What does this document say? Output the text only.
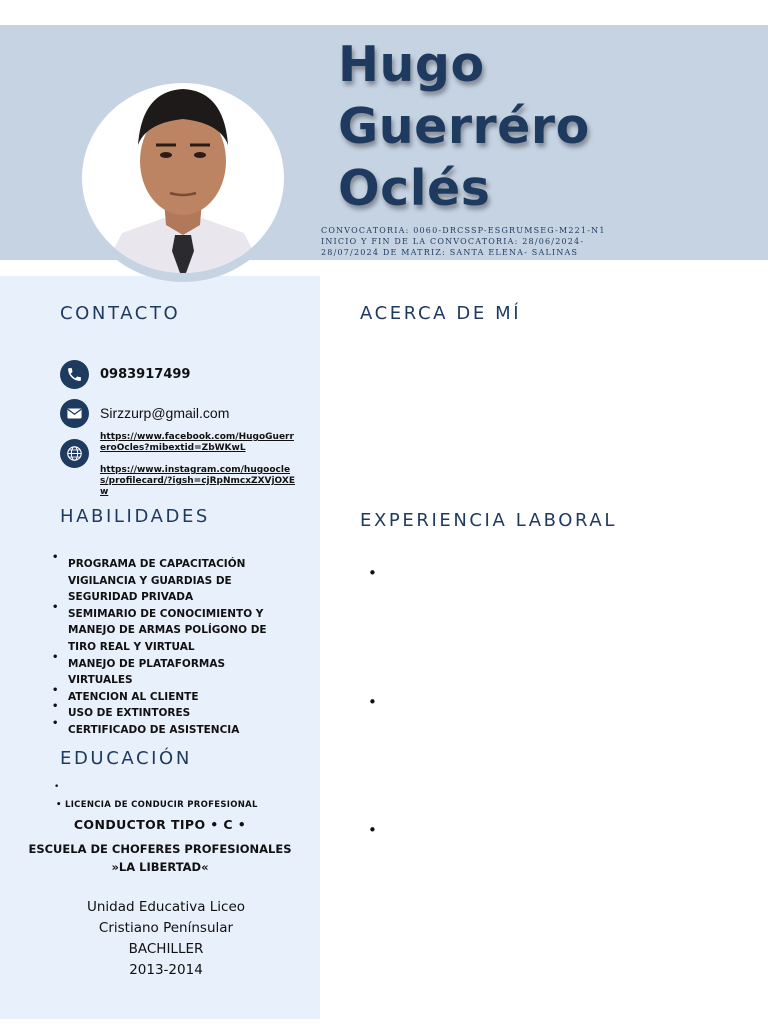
Hugo
Guerréro
Oclés
CONVOCATORIA: 0060-DRCSSP-ESGRUMSEG-M221-N1 INICIO Y FIN DE LA CONVOCATORIA: 28/06/2024-28/07/2024 DE MATRIZ: SANTA ELENA- SALINAS
CONTACTO
0983917499
Sirzzurp@gmail.com
https://www.facebook.com/HugoGuerreroOcles?mibextid=ZbWKwL
https://www.instagram.com/hugoocles/profilecard/?igsh=cjRpNmcxZXVjOXEw
HABILIDADES
• PROGRAMA DE CAPACITACIÓN VIGILANCIA Y GUARDIAS DE SEGURIDAD PRIVADA
• SEMIMARIO DE CONOCIMIENTO Y MANEJO DE ARMAS POLÍGONO DE TIRO REAL Y VIRTUAL
• MANEJO DE PLATAFORMAS VIRTUALES
• ATENCION AL CLIENTE
• USO DE EXTINTORES
• CERTIFICADO DE ASISTENCIA
EDUCACIÓN
•
• LICENCIA DE CONDUCIR PROFESIONAL
CONDUCTOR TIPO • C •
ESCUELA DE CHOFERES PROFESIONALES
»LA LIBERTAD«
Unidad Educativa Liceo
Cristiano Penínsular
BACHILLER
2013-2014
ACERCA DE MÍ
EXPERIENCIA LABORAL
•
•
•
